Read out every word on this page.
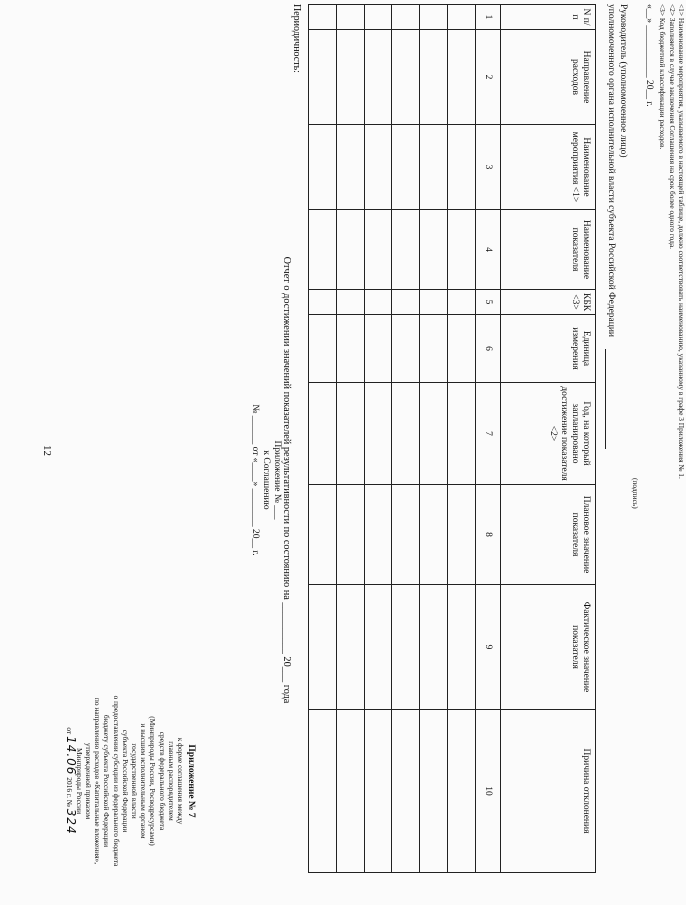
12
Приложение № 7
к форме соглашения между
главным распорядителем
средств федерального бюджета
(Минприроды России, Росводресурсами)
и высшим исполнительным органом
государственной власти
субъекта Российской Федерации
о предоставлении субсидии из федерального бюджета
бюджету субъекта Российской Федерации
по направлению расходов «Капитальные вложения»,
утвержденной приказом
Минприроды России
от 14.06 2016 г. № 324
Приложение № ___
к Соглашению
№ ______ от «____» ________ 20__ г. Отчет о достижении значений показателей результативности по состоянию на __________ 20___ года
Периодичность:	N п/п	Направление расходов	Наименование мероприятия <1>	Наименование показателя	КБК <3>	Единица измерения	Год, на который запланировано достижение показателя <2>	Плановое значение показателя	Фактическое значение показателя	Причина отклонения
1	2	3	4	5	6	7	8	9	10

Руководитель (уполномоченное лицо)
уполномоченного органа исполнительной власти субъекта Российской Федерации
(подпись)
«__» ___________ 20__ г.	<1> Наименование мероприятия, указываемого в настоящей таблице, должно соответствовать наименованию, указанному в графе 3 Приложения № 1.
<2> Заполняется в случае заключения Соглашения на срок более одного года.
<3> Код бюджетной классификации расходов.
